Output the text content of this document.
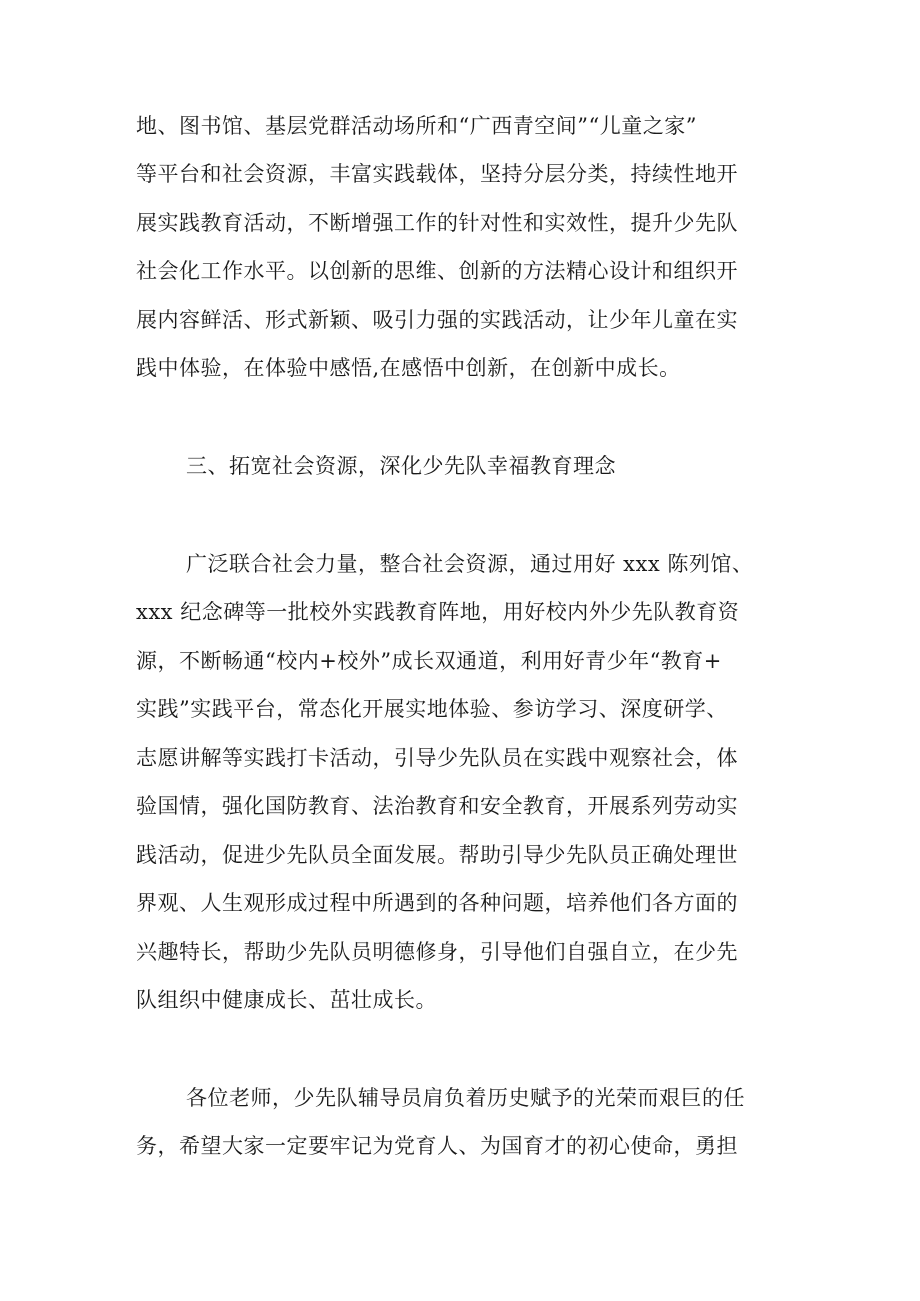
地、图书馆、基层党群活动场所和“广西青空间”“儿童之家”
等平台和社会资源，丰富实践载体，坚持分层分类，持续性地开
展实践教育活动，不断增强工作的针对性和实效性，提升少先队
社会化工作水平。以创新的思维、创新的方法精心设计和组织开
展内容鲜活、形式新颖、吸引力强的实践活动，让少年儿童在实
践中体验，在体验中感悟,在感悟中创新，在创新中成长。
三、拓宽社会资源，深化少先队幸福教育理念
广泛联合社会力量，整合社会资源，通过用好 xxx 陈列馆、
xxx 纪念碑等一批校外实践教育阵地，用好校内外少先队教育资
源，不断畅通“校内+校外”成长双通道，利用好青少年“教育+
实践”实践平台，常态化开展实地体验、参访学习、深度研学、
志愿讲解等实践打卡活动，引导少先队员在实践中观察社会，体
验国情，强化国防教育、法治教育和安全教育，开展系列劳动实
践活动，促进少先队员全面发展。帮助引导少先队员正确处理世
界观、人生观形成过程中所遇到的各种问题，培养他们各方面的
兴趣特长，帮助少先队员明德修身，引导他们自强自立，在少先
队组织中健康成长、茁壮成长。
各位老师，少先队辅导员肩负着历史赋予的光荣而艰巨的任
务，希望大家一定要牢记为党育人、为国育才的初心使命，勇担
